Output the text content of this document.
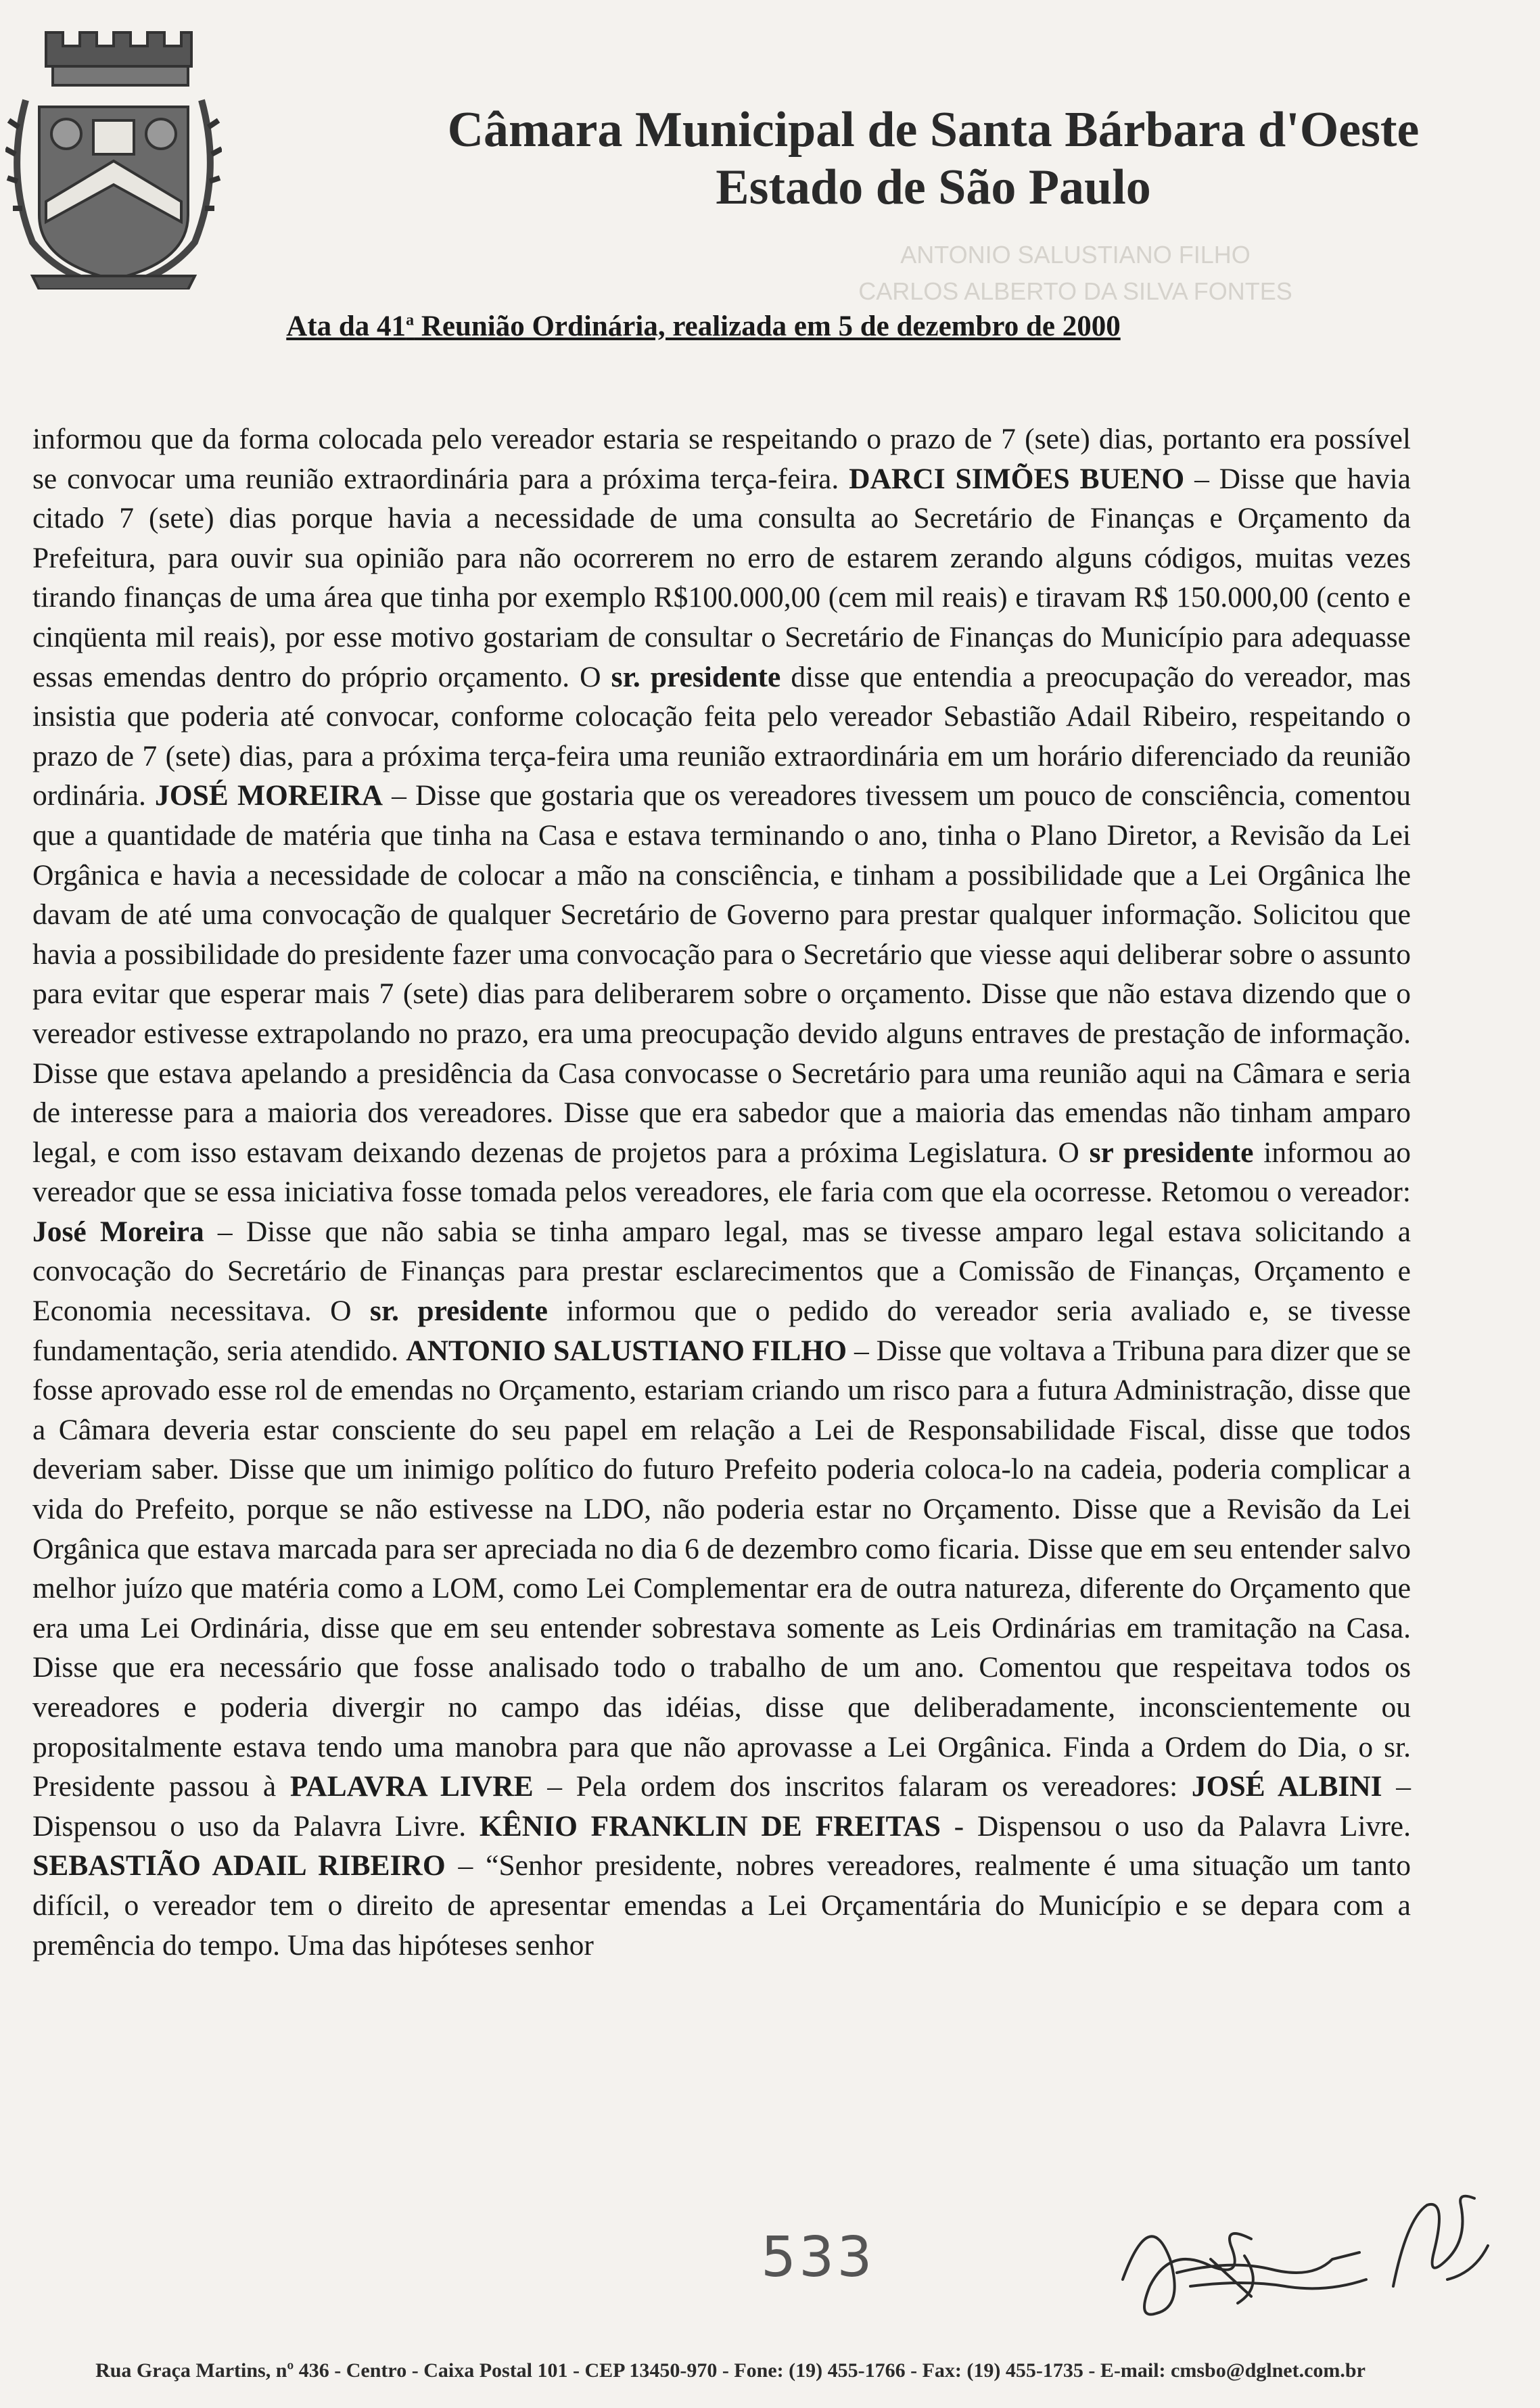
Câmara Municipal de Santa Bárbara d'Oeste
Estado de São Paulo
ANTONIO SALUSTIANO FILHO
CARLOS ALBERTO DA SILVA FONTES
Ata da 41$^a$ Reunião Ordinária, realizada em 5 de dezembro de 2000

informou que da forma colocada pelo vereador estaria se respeitando o prazo de 7 (sete) dias, portanto era possível se convocar uma reunião extraordinária para a próxima terça-feira. DARCI SIMÕES BUENO – Disse que havia citado 7 (sete) dias porque havia a necessidade de uma consulta ao Secretário de Finanças e Orçamento da Prefeitura, para ouvir sua opinião para não ocorrerem no erro de estarem zerando alguns códigos, muitas vezes tirando finanças de uma área que tinha por exemplo R$100.000,00 (cem mil reais) e tiravam R$ 150.000,00 (cento e cinqüenta mil reais), por esse motivo gostariam de consultar o Secretário de Finanças do Município para adequasse essas emendas dentro do próprio orçamento. O sr. presidente disse que entendia a preocupação do vereador, mas insistia que poderia até convocar, conforme colocação feita pelo vereador Sebastião Adail Ribeiro, respeitando o prazo de 7 (sete) dias, para a próxima terça-feira uma reunião extraordinária em um horário diferenciado da reunião ordinária. JOSÉ MOREIRA – Disse que gostaria que os vereadores tivessem um pouco de consciência, comentou que a quantidade de matéria que tinha na Casa e estava terminando o ano, tinha o Plano Diretor, a Revisão da Lei Orgânica e havia a necessidade de colocar a mão na consciência, e tinham a possibilidade que a Lei Orgânica lhe davam de até uma convocação de qualquer Secretário de Governo para prestar qualquer informação. Solicitou que havia a possibilidade do presidente fazer uma convocação para o Secretário que viesse aqui deliberar sobre o assunto para evitar que esperar mais 7 (sete) dias para deliberarem sobre o orçamento. Disse que não estava dizendo que o vereador estivesse extrapolando no prazo, era uma preocupação devido alguns entraves de prestação de informação. Disse que estava apelando a presidência da Casa convocasse o Secretário para uma reunião aqui na Câmara e seria de interesse para a maioria dos vereadores. Disse que era sabedor que a maioria das emendas não tinham amparo legal, e com isso estavam deixando dezenas de projetos para a próxima Legislatura. O sr presidente informou ao vereador que se essa iniciativa fosse tomada pelos vereadores, ele faria com que ela ocorresse. Retomou o vereador: José Moreira – Disse que não sabia se tinha amparo legal, mas se tivesse amparo legal estava solicitando a convocação do Secretário de Finanças para prestar esclarecimentos que a Comissão de Finanças, Orçamento e Economia necessitava. O sr. presidente informou que o pedido do vereador seria avaliado e, se tivesse fundamentação, seria atendido. ANTONIO SALUSTIANO FILHO – Disse que voltava a Tribuna para dizer que se fosse aprovado esse rol de emendas no Orçamento, estariam criando um risco para a futura Administração, disse que a Câmara deveria estar consciente do seu papel em relação a Lei de Responsabilidade Fiscal, disse que todos deveriam saber. Disse que um inimigo político do futuro Prefeito poderia coloca-lo na cadeia, poderia complicar a vida do Prefeito, porque se não estivesse na LDO, não poderia estar no Orçamento. Disse que a Revisão da Lei Orgânica que estava marcada para ser apreciada no dia 6 de dezembro como ficaria. Disse que em seu entender salvo melhor juízo que matéria como a LOM, como Lei Complementar era de outra natureza, diferente do Orçamento que era uma Lei Ordinária, disse que em seu entender sobrestava somente as Leis Ordinárias em tramitação na Casa. Disse que era necessário que fosse analisado todo o trabalho de um ano. Comentou que respeitava todos os vereadores e poderia divergir no campo das idéias, disse que deliberadamente, inconscientemente ou propositalmente estava tendo uma manobra para que não aprovasse a Lei Orgânica. Finda a Ordem do Dia, o sr. Presidente passou à PALAVRA LIVRE – Pela ordem dos inscritos falaram os vereadores: JOSÉ ALBINI – Dispensou o uso da Palavra Livre. KÊNIO FRANKLIN DE FREITAS - Dispensou o uso da Palavra Livre. SEBASTIÃO ADAIL RIBEIRO – “Senhor presidente, nobres vereadores, realmente é uma situação um tanto difícil, o vereador tem o direito de apresentar emendas a Lei Orçamentária do Município e se depara com a premência do tempo. Uma das hipóteses senhor

533
Rua Graça Martins, nº 436 - Centro - Caixa Postal 101 - CEP 13450-970 - Fone: (19) 455-1766 - Fax: (19) 455-1735 - E-mail: cmsbo@dglnet.com.br
